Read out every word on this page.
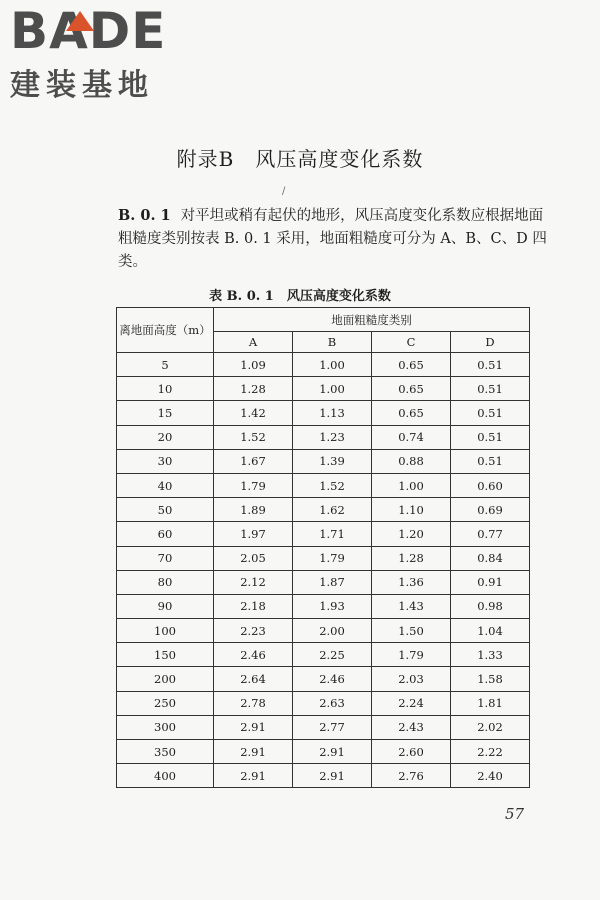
BADE
建装基地
附录B　风压高度变化系数
/
B. 0. 1 对平坦或稍有起伏的地形，风压高度变化系数应根据地面粗糙度类别按表 B. 0. 1 采用，地面粗糙度可分为 A、B、C、D 四类。
表 B. 0. 1　风压高度变化系数
离地面高度（m）	地面粗糙度类别			
	A	B	C	D
5	1.09	1.00	0.65	0.51
10	1.28	1.00	0.65	0.51
15	1.42	1.13	0.65	0.51
20	1.52	1.23	0.74	0.51
30	1.67	1.39	0.88	0.51
40	1.79	1.52	1.00	0.60
50	1.89	1.62	1.10	0.69
60	1.97	1.71	1.20	0.77
70	2.05	1.79	1.28	0.84
80	2.12	1.87	1.36	0.91
90	2.18	1.93	1.43	0.98
100	2.23	2.00	1.50	1.04
150	2.46	2.25	1.79	1.33
200	2.64	2.46	2.03	1.58
250	2.78	2.63	2.24	1.81
300	2.91	2.77	2.43	2.02
350	2.91	2.91	2.60	2.22
400	2.91	2.91	2.76	2.40
57
